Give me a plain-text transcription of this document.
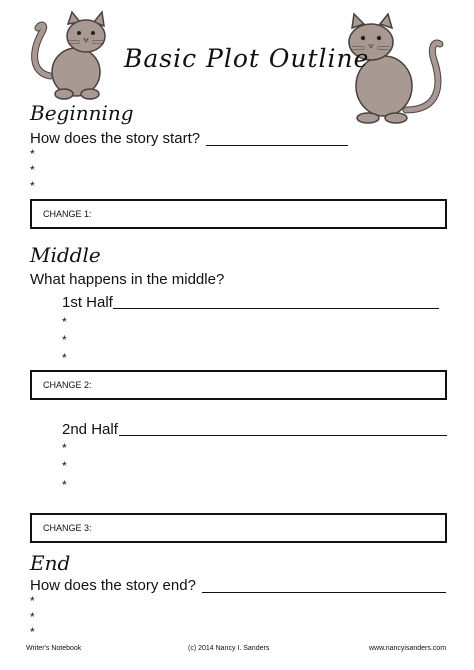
Basic Plot Outline
Beginning
How does the story start?
*
*
*
CHANGE 1:
Middle
What happens in the middle?
1st Half
*
*
*
CHANGE 2:
2nd Half
*
*
*
CHANGE 3:
End
How does the story end?
*
*
*
Writer's Notebook	(c) 2014 Nancy I. Sanders	www.nancyisanders.com
